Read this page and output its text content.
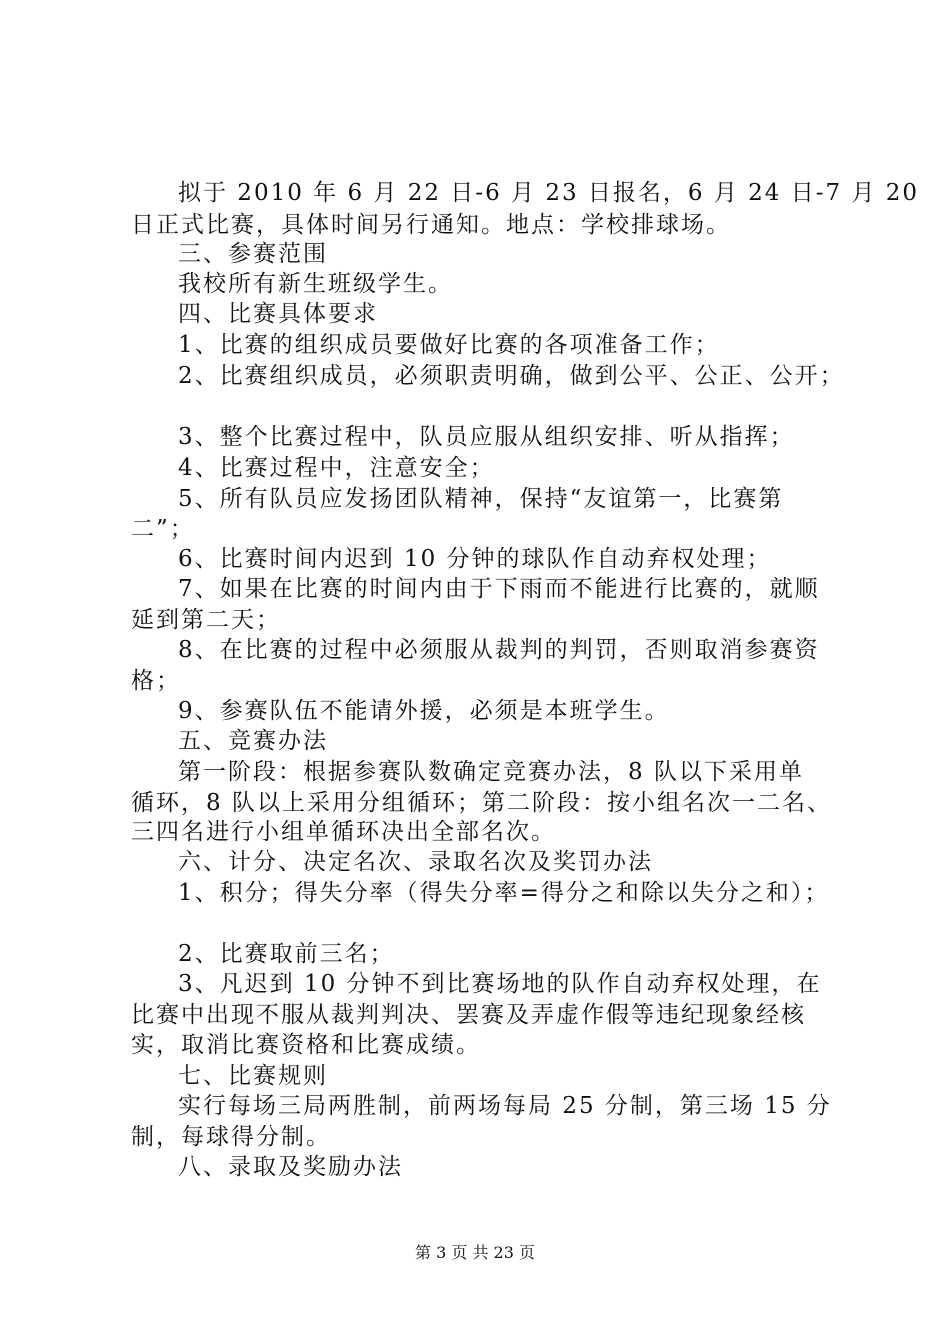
拟于 2010 年 6 月 22 日-6 月 23 日报名，6 月 24 日-7 月 20
日正式比赛，具体时间另行通知。地点：学校排球场。
三、参赛范围
我校所有新生班级学生。
四、比赛具体要求
1、比赛的组织成员要做好比赛的各项准备工作；
2、比赛组织成员，必须职责明确，做到公平、公正、公开；
3、整个比赛过程中，队员应服从组织安排、听从指挥；
4、比赛过程中，注意安全；
5、所有队员应发扬团队精神，保持“友谊第一，比赛第
二”；
6、比赛时间内迟到 10 分钟的球队作自动弃权处理；
7、如果在比赛的时间内由于下雨而不能进行比赛的，就顺
延到第二天；
8、在比赛的过程中必须服从裁判的判罚，否则取消参赛资
格；
9、参赛队伍不能请外援，必须是本班学生。
五、竞赛办法
第一阶段：根据参赛队数确定竞赛办法，8 队以下采用单
循环，8 队以上采用分组循环；第二阶段：按小组名次一二名、
三四名进行小组单循环决出全部名次。
六、计分、决定名次、录取名次及奖罚办法
1、积分；得失分率（得失分率=得分之和除以失分之和）；
2、比赛取前三名；
3、凡迟到 10 分钟不到比赛场地的队作自动弃权处理，在
比赛中出现不服从裁判判决、罢赛及弄虚作假等违纪现象经核
实，取消比赛资格和比赛成绩。
七、比赛规则
实行每场三局两胜制，前两场每局 25 分制，第三场 15 分
制，每球得分制。
八、录取及奖励办法
第 3 页 共 23 页
